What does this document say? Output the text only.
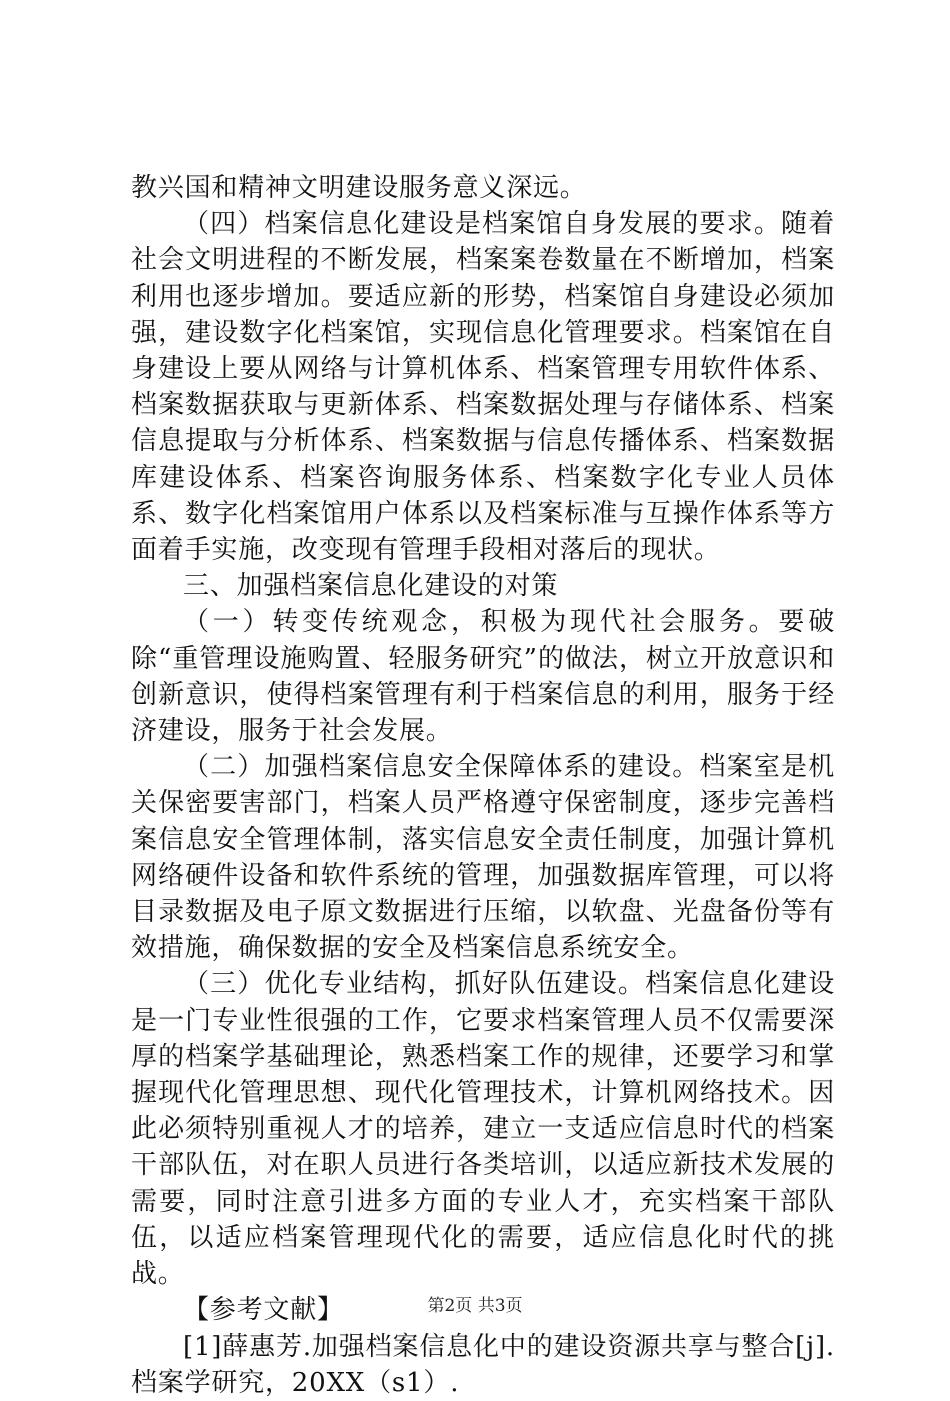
教兴国和精神文明建设服务意义深远。

（四）档案信息化建设是档案馆自身发展的要求。随着社会文明进程的不断发展，档案案卷数量在不断增加，档案利用也逐步增加。要适应新的形势，档案馆自身建设必须加强，建设数字化档案馆，实现信息化管理要求。档案馆在自身建设上要从网络与计算机体系、档案管理专用软件体系、档案数据获取与更新体系、档案数据处理与存储体系、档案信息提取与分析体系、档案数据与信息传播体系、档案数据库建设体系、档案咨询服务体系、档案数字化专业人员体系、数字化档案馆用户体系以及档案标准与互操作体系等方面着手实施，改变现有管理手段相对落后的现状。

三、加强档案信息化建设的对策

（一）转变传统观念，积极为现代社会服务。要破除“重管理设施购置、轻服务研究”的做法，树立开放意识和创新意识，使得档案管理有利于档案信息的利用，服务于经济建设，服务于社会发展。

（二）加强档案信息安全保障体系的建设。档案室是机关保密要害部门，档案人员严格遵守保密制度，逐步完善档案信息安全管理体制，落实信息安全责任制度，加强计算机网络硬件设备和软件系统的管理，加强数据库管理，可以将目录数据及电子原文数据进行压缩，以软盘、光盘备份等有效措施，确保数据的安全及档案信息系统安全。

（三）优化专业结构，抓好队伍建设。档案信息化建设是一门专业性很强的工作，它要求档案管理人员不仅需要深厚的档案学基础理论，熟悉档案工作的规律，还要学习和掌握现代化管理思想、现代化管理技术，计算机网络技术。因此必须特别重视人才的培养，建立一支适应信息时代的档案干部队伍，对在职人员进行各类培训，以适应新技术发展的需要，同时注意引进多方面的专业人才，充实档案干部队伍，以适应档案管理现代化的需要，适应信息化时代的挑战。

【参考文献】

[1]薛惠芳.加强档案信息化中的建设资源共享与整合[j].档案学研究，20XX（s1）.

第2页 共3页
